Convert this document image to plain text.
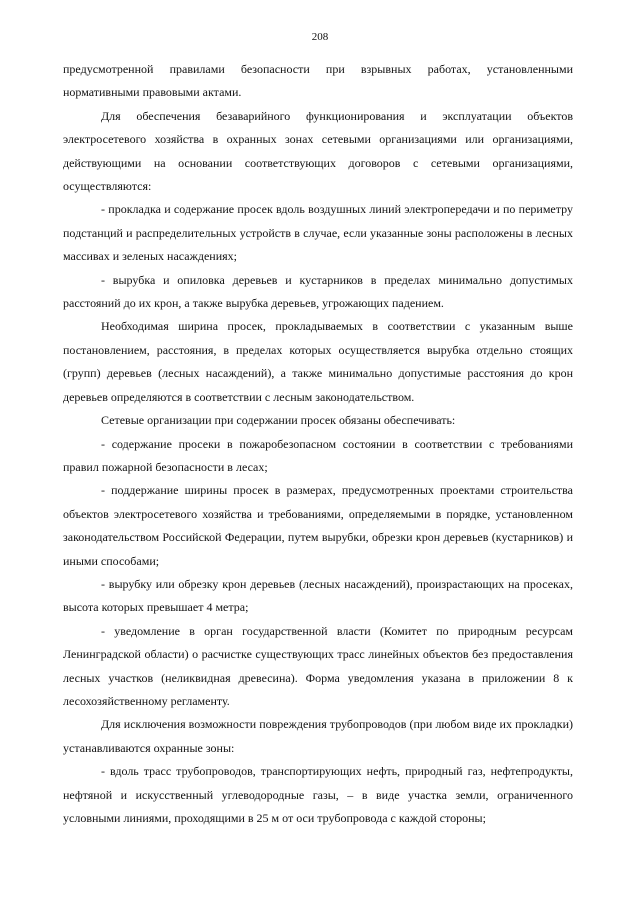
208

предусмотренной правилами безопасности при взрывных работах, установленными нормативными правовыми актами.

Для обеспечения безаварийного функционирования и эксплуатации объектов электросетевого хозяйства в охранных зонах сетевыми организациями или организациями, действующими на основании соответствующих договоров с сетевыми организациями, осуществляются:

- прокладка и содержание просек вдоль воздушных линий электропередачи и по периметру подстанций и распределительных устройств в случае, если указанные зоны расположены в лесных массивах и зеленых насаждениях;

- вырубка и опиловка деревьев и кустарников в пределах минимально допустимых расстояний до их крон, а также вырубка деревьев, угрожающих падением.

Необходимая ширина просек, прокладываемых в соответствии с указанным выше постановлением, расстояния, в пределах которых осуществляется вырубка отдельно стоящих (групп) деревьев (лесных насаждений), а также минимально допустимые расстояния до крон деревьев определяются в соответствии с лесным законодательством.

Сетевые организации при содержании просек обязаны обеспечивать:

- содержание просеки в пожаробезопасном состоянии в соответствии с требованиями правил пожарной безопасности в лесах;

- поддержание ширины просек в размерах, предусмотренных проектами строительства объектов электросетевого хозяйства и требованиями, определяемыми в порядке, установленном законодательством Российской Федерации, путем вырубки, обрезки крон деревьев (кустарников) и иными способами;

- вырубку или обрезку крон деревьев (лесных насаждений), произрастающих на просеках, высота которых превышает 4 метра;

- уведомление в орган государственной власти (Комитет по природным ресурсам Ленинградской области) о расчистке существующих трасс линейных объектов без предоставления лесных участков (неликвидная древесина). Форма уведомления указана в приложении 8 к лесохозяйственному регламенту.

Для исключения возможности повреждения трубопроводов (при любом виде их прокладки) устанавливаются охранные зоны:

- вдоль трасс трубопроводов, транспортирующих нефть, природный газ, нефтепродукты, нефтяной и искусственный углеводородные газы, – в виде участка земли, ограниченного условными линиями, проходящими в 25 м от оси трубопровода с каждой стороны;
